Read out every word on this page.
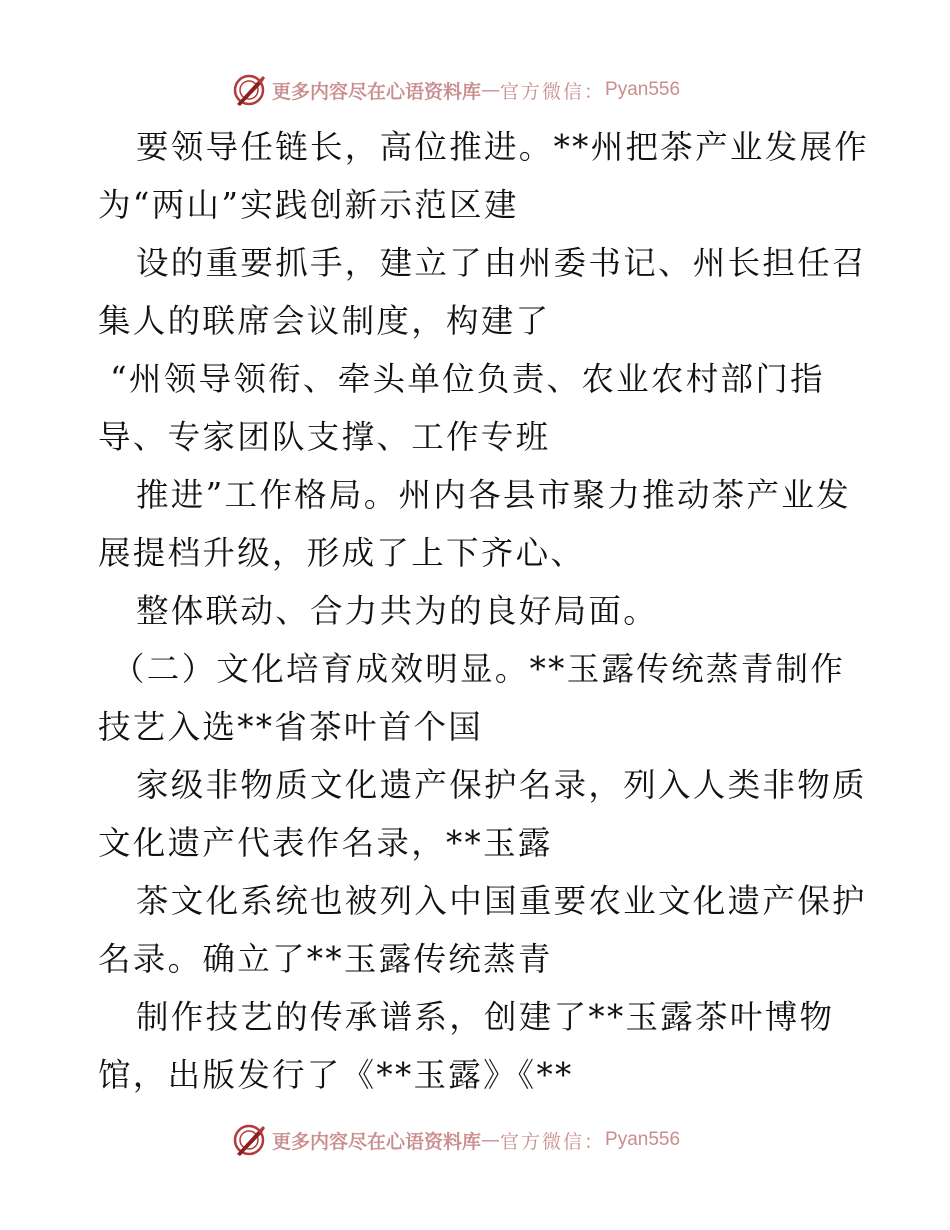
更多内容尽在心语资料库 — 官方微信： Pyan556
要领导任链长，高位推进。**州把茶产业发展作
为“两山”实践创新示范区建
设的重要抓手，建立了由州委书记、州长担任召
集人的联席会议制度，构建了
“州领导领衔、牵头单位负责、农业农村部门指
导、专家团队支撑、工作专班
推进”工作格局。州内各县市聚力推动茶产业发
展提档升级，形成了上下齐心、
整体联动、合力共为的良好局面。
（二）文化培育成效明显。**玉露传统蒸青制作
技艺入选**省茶叶首个国
家级非物质文化遗产保护名录，列入人类非物质
文化遗产代表作名录，**玉露
茶文化系统也被列入中国重要农业文化遗产保护
名录。确立了**玉露传统蒸青
制作技艺的传承谱系，创建了**玉露茶叶博物
馆，出版发行了《**玉露》《**
更多内容尽在心语资料库 — 官方微信： Pyan556
